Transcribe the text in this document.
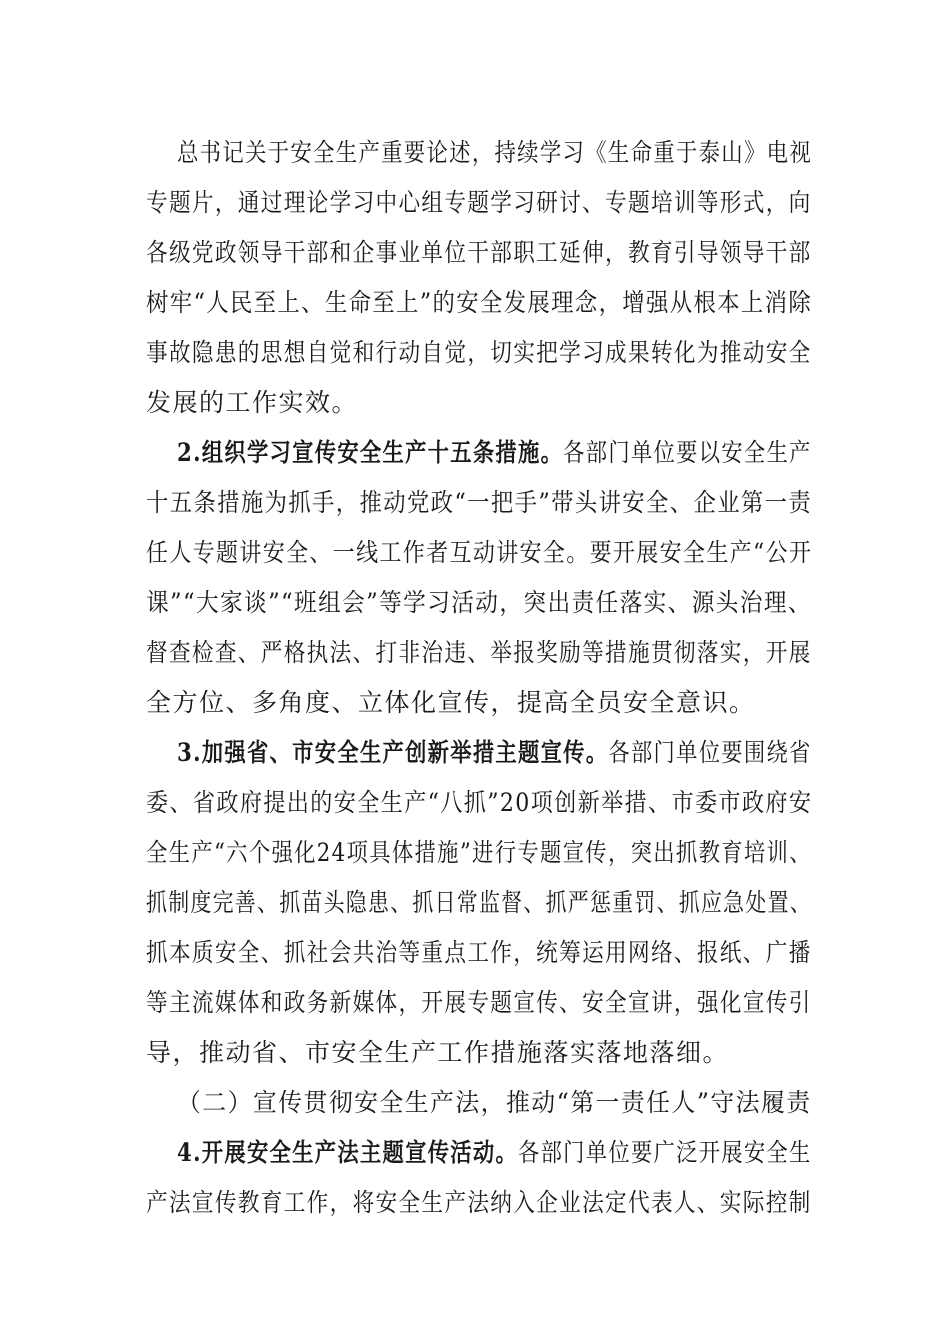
总书记关于安全生产重要论述，持续学习《生命重于泰山》电视
专题片，通过理论学习中心组专题学习研讨、专题培训等形式，向
各级党政领导干部和企事业单位干部职工延伸，教育引导领导干部
树牢“人民至上、生命至上”的安全发展理念，增强从根本上消除
事故隐患的思想自觉和行动自觉，切实把学习成果转化为推动安全
发展的工作实效。
2.组织学习宣传安全生产十五条措施。各部门单位要以安全生产
十五条措施为抓手，推动党政“一把手”带头讲安全、企业第一责
任人专题讲安全、一线工作者互动讲安全。要开展安全生产“公开
课”“大家谈”“班组会”等学习活动，突出责任落实、源头治理、
督查检查、严格执法、打非治违、举报奖励等措施贯彻落实，开展
全方位、多角度、立体化宣传，提高全员安全意识。
3.加强省、市安全生产创新举措主题宣传。各部门单位要围绕省
委、省政府提出的安全生产“八抓”20项创新举措、市委市政府安
全生产“六个强化24项具体措施”进行专题宣传，突出抓教育培训、
抓制度完善、抓苗头隐患、抓日常监督、抓严惩重罚、抓应急处置、
抓本质安全、抓社会共治等重点工作，统筹运用网络、报纸、广播
等主流媒体和政务新媒体，开展专题宣传、安全宣讲，强化宣传引
导，推动省、市安全生产工作措施落实落地落细。
（二）宣传贯彻安全生产法，推动“第一责任人”守法履责
4.开展安全生产法主题宣传活动。各部门单位要广泛开展安全生
产法宣传教育工作，将安全生产法纳入企业法定代表人、实际控制
